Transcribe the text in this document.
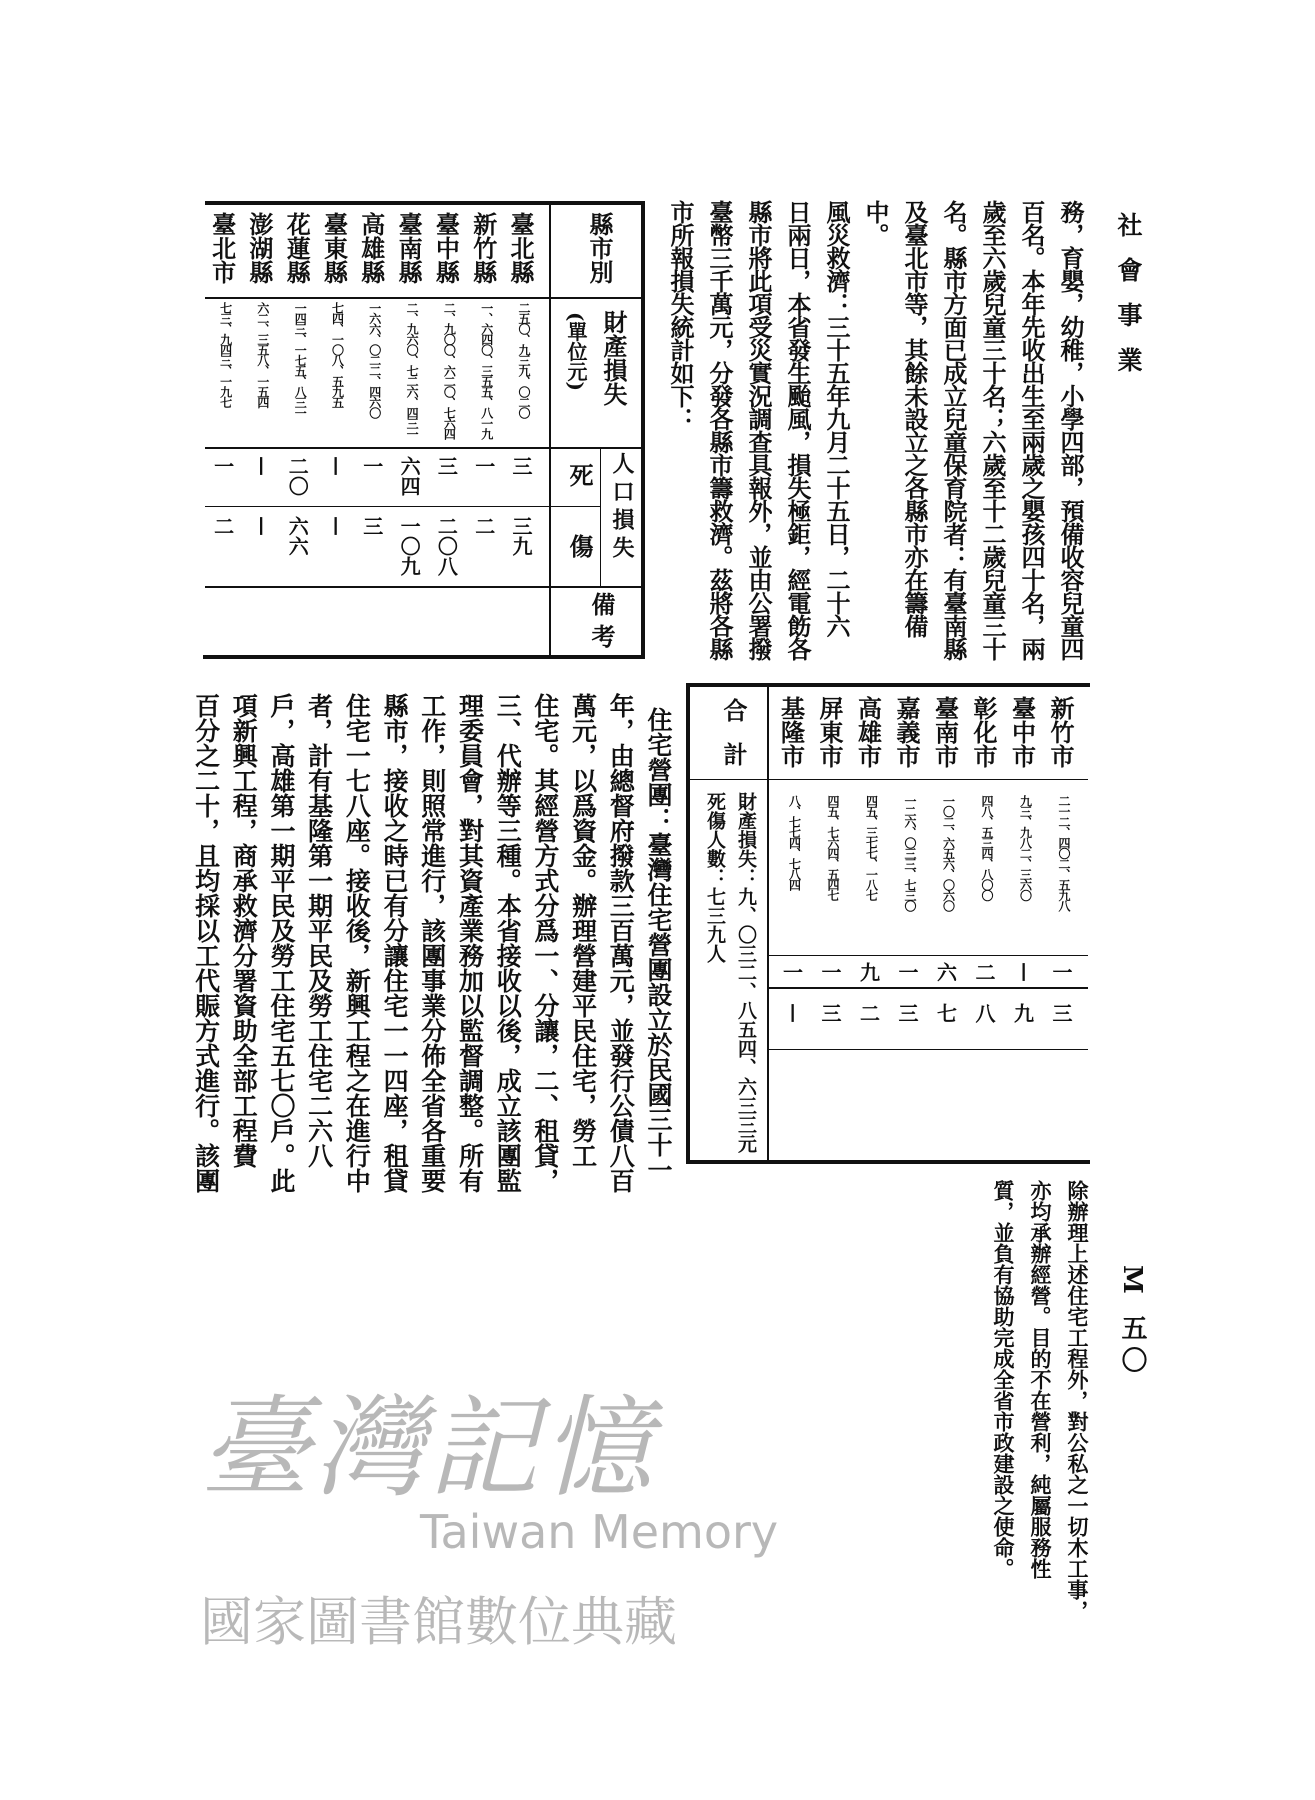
臺灣記憶
Taiwan Memory
國家圖書館數位典藏
社會事業
M 五〇
務，育嬰，幼稚，小學四部，預備收容兒童四
百名。本年先收出生至兩歲之嬰孩四十名，兩
歲至六歲兒童三十名；六歲至十二歲兒童三十
名。縣市方面已成立兒童保育院者：有臺南縣
及臺北市等，其餘未設立之各縣市亦在籌備
中。
風災救濟：三十五年九月二十五日，二十六
日兩日，本省發生颱風，損失極鉅，經電飭各
縣市將此項受災實況調查具報外，並由公署撥
臺幣三千萬元，分發各縣市籌救濟。茲將各縣
市所報損失統計如下：
縣市別
財產損失
(單位元)
人口損失
死
傷
備考
臺北縣
二五〇、九三九、〇二〇
三
三九
新竹縣
一、六四〇、三五五、八一九
一
二
臺中縣
二、九〇〇、六二〇、七六四
三
二〇八
臺南縣
二、九六〇、七二六、四三一
六四
一〇九
高雄縣
一六六、〇二二、四六〇
一
三
臺東縣
七四、一〇八、五九五
—
—
花蓮縣
一四三、一七五、八三一
二〇
六六
澎湖縣
六二、三五八、一五四
—
—
臺北市
七三、九四三、一九七
一
二
合計
財產損失：九、〇三二、八五四、六三三元
死傷人數：七三九人
新竹市
二一二、四〇二、五九八
一
三
臺中市
九三、九八二、三六〇
—
九
彰化市
四八、五三四、八〇〇
二
八
臺南市
一〇二、六五六、〇六〇
六
七
嘉義市
一二六、〇三三、七三〇
一
三
高雄市
四五、三七七、一八七
九
二
屏東市
四五、七六四、五四七
一
三
基隆市
八、七七四、七八四
一
—
住宅營團：臺灣住宅營團設立於民國三十一
年，由總督府撥款三百萬元，並發行公債八百
萬元，以爲資金。辦理營建平民住宅，勞工
住宅。其經營方式分爲一、分讓，二、租貸，
三、代辦等三種。本省接收以後，成立該團監
理委員會，對其資產業務加以監督調整。所有
工作，則照常進行，該團事業分佈全省各重要
縣市，接收之時已有分讓住宅一一四座，租貸
住宅一七八座。接收後，新興工程之在進行中
者，計有基隆第一期平民及勞工住宅二六八
戶，高雄第一期平民及勞工住宅五七〇戶。此
項新興工程，商承救濟分署資助全部工程費
百分之二十，且均採以工代賑方式進行。該團
除辦理上述住宅工程外，對公私之一切木工事，
亦均承辦經營。目的不在營利，純屬服務性
質，並負有協助完成全省市政建設之使命。
